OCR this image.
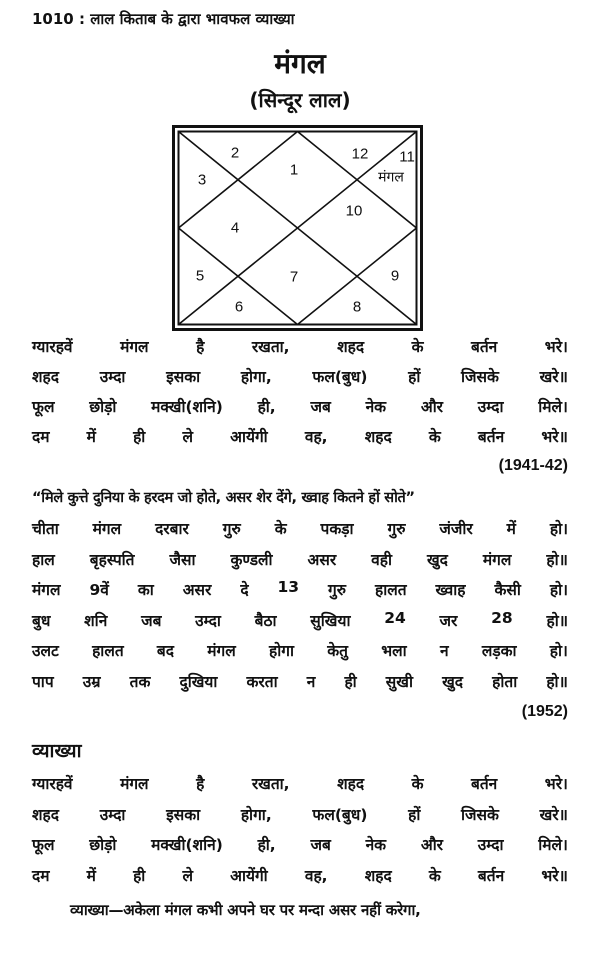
1010 : लाल किताब के द्वारा भावफल व्याख्या
मंगल
(सिन्दूर लाल)
1
2
3
4
5
6
7
8
9
10
11
12
मंगल
ग्यारहवें	मंगल	है	रखता,	शहद	के	बर्तन	भरे।
शहद	उम्दा	इसका	होगा,	फल(बुध)	हों	जिसके	खरे॥
फूल छोड़ो मक्खी(शनि) ही, जब नेक और उम्दा मिले।
दम में ही ले आयेंगी वह, शहद के बर्तन भरे॥
(1941-42)
“मिले कुत्ते दुनिया के हरदम जो होते, असर शेर देंगे, ख्वाह कितने हों सोते”
चीता मंगल दरबार गुरु के पकड़ा गुरु जंजीर में हो।
हाल बृहस्पति जैसा कुण्डली असर वही खुद मंगल हो॥
मंगल 9वें का असर दे 13 गुरु हालत ख्वाह कैसी हो।
बुध शनि जब उम्दा बैठा सुखिया 24 जर 28 हो॥
उलट हालत बद मंगल होगा केतु भला न लड़का हो।
पाप उम्र तक दुखिया करता न ही सुखी खुद होता हो॥
(1952)
व्याख्या
ग्यारहवें	मंगल	है	रखता,	शहद	के	बर्तन	भरे।
शहद	उम्दा	इसका	होगा,	फल(बुध)	हों	जिसके	खरे॥
फूल छोड़ो मक्खी(शनि) ही, जब नेक और उम्दा मिले।
दम में ही ले आयेंगी वह, शहद के बर्तन भरे॥
व्याख्या—अकेला मंगल कभी अपने घर पर मन्दा असर नहीं करेगा,
